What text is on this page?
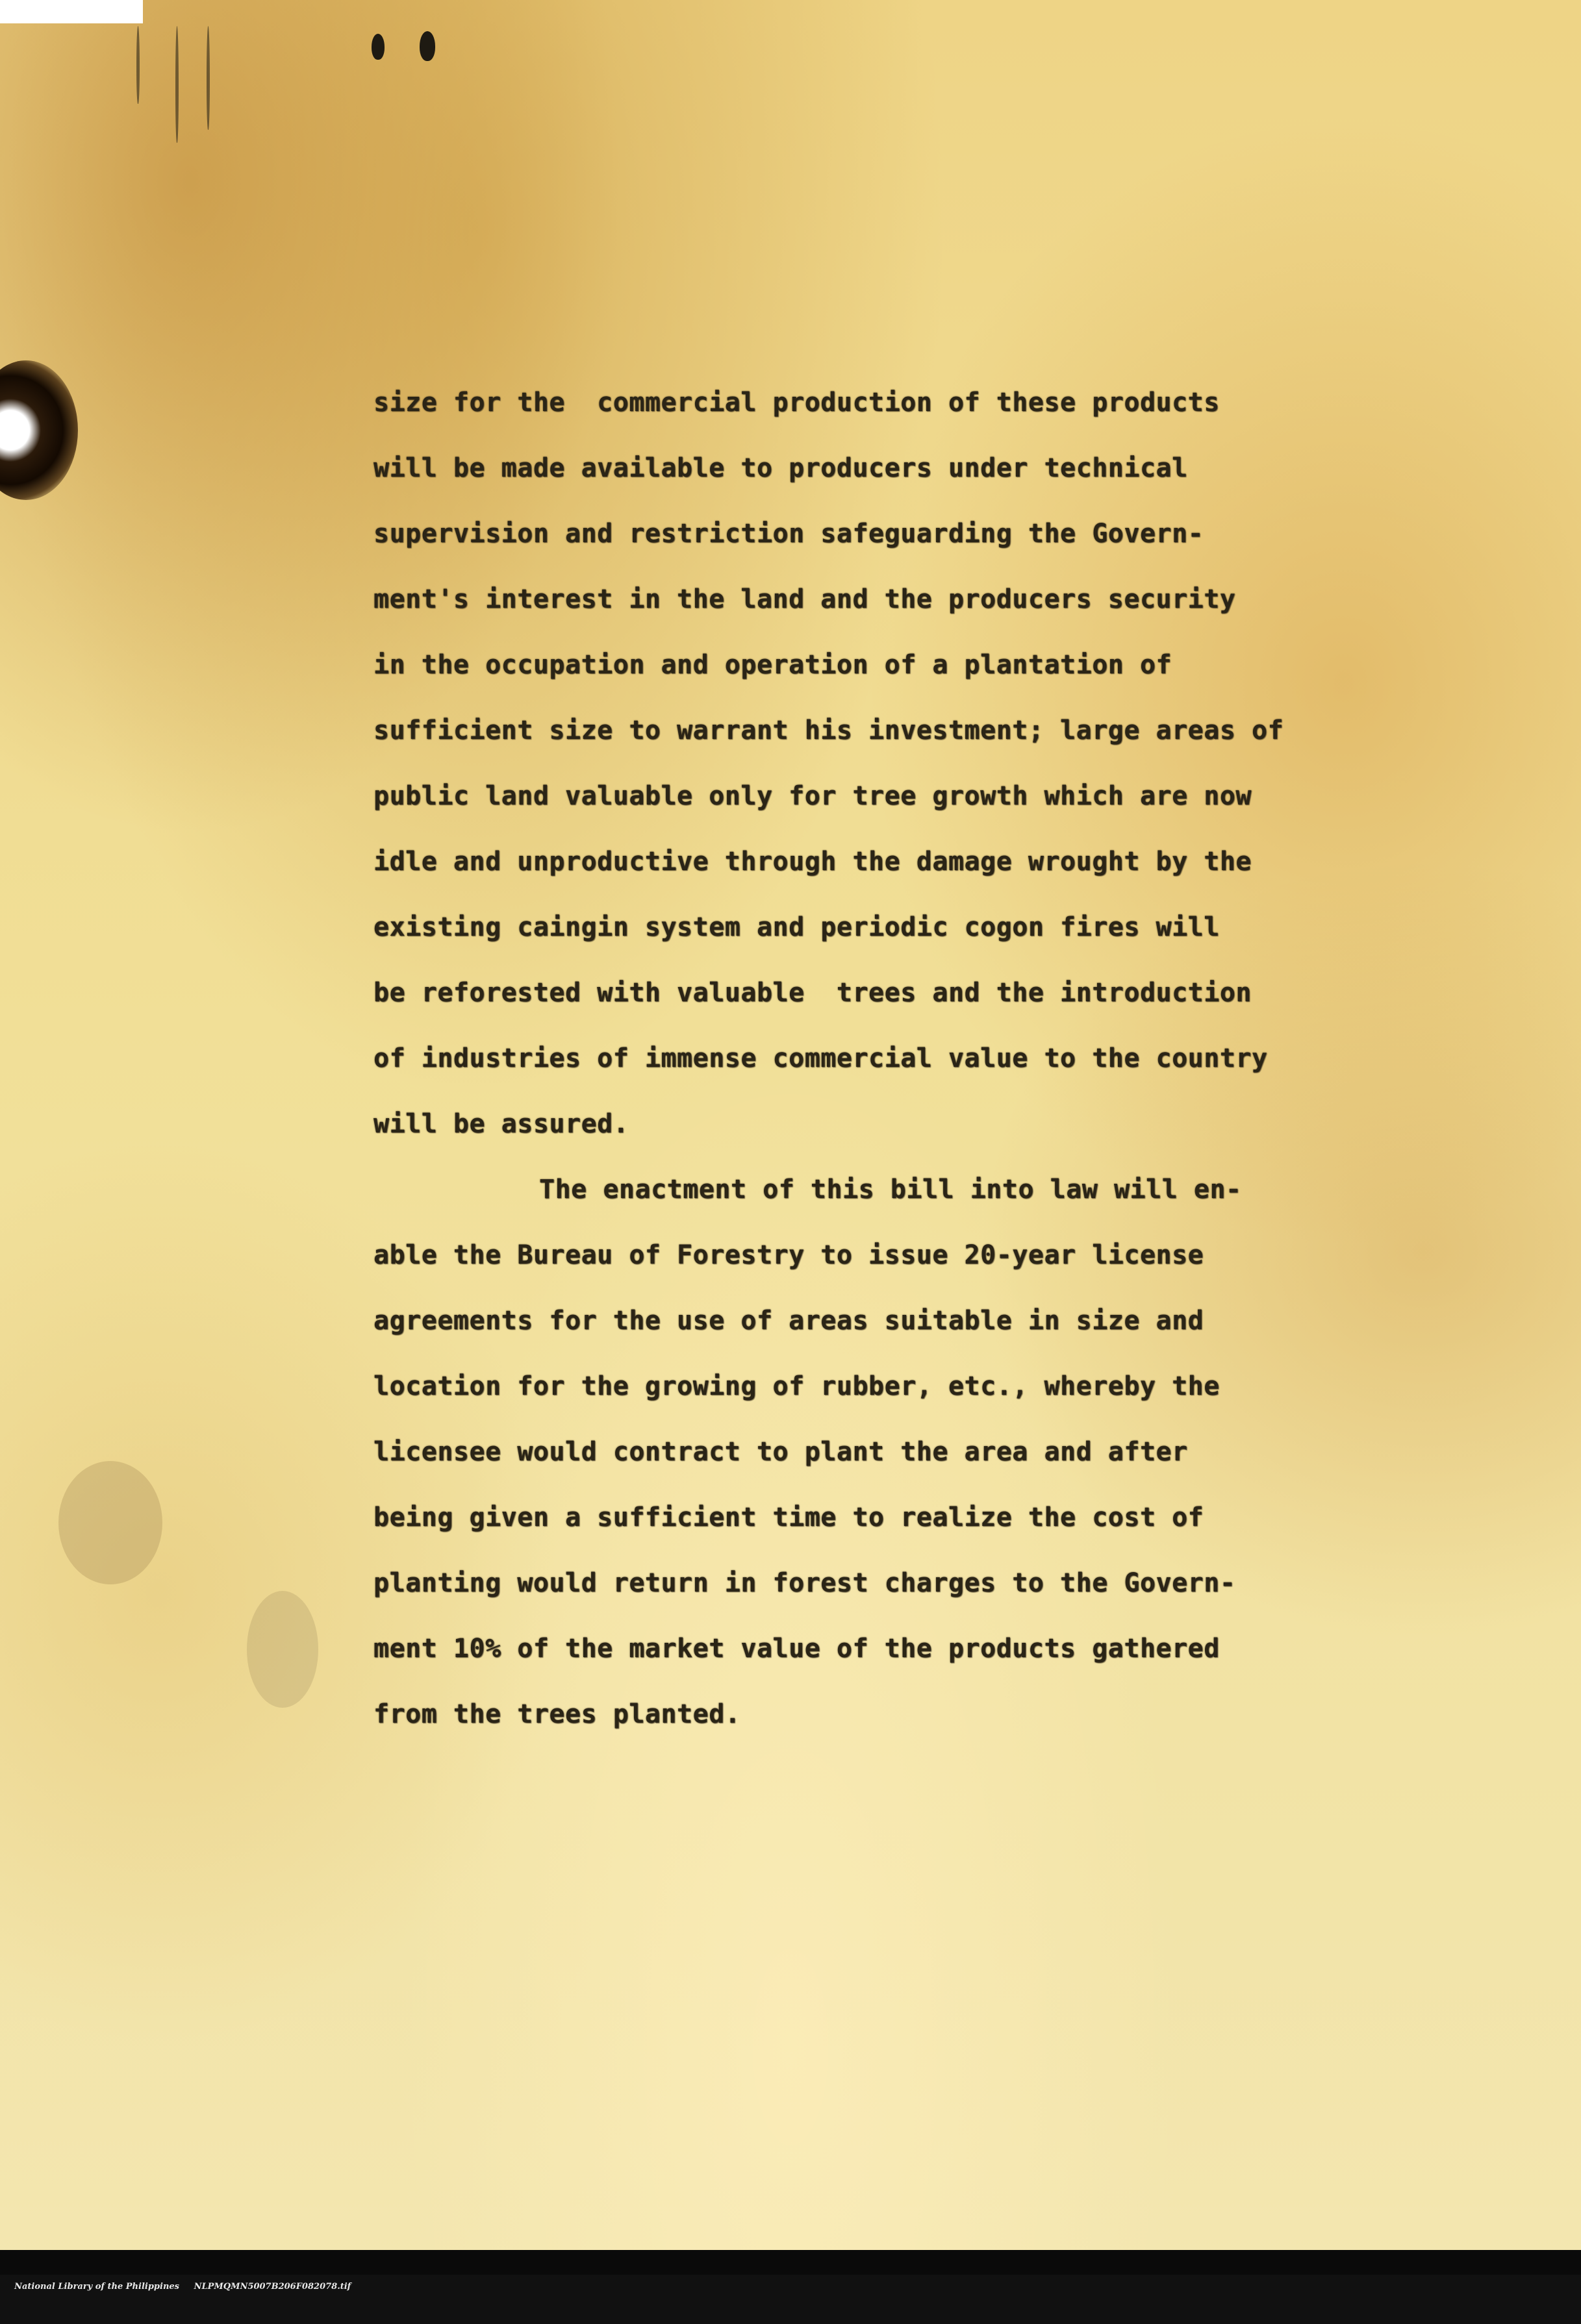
size for the  commercial production of these products
will be made available to producers under technical
supervision and restriction safeguarding the Govern-
ment's interest in the land and the producers security
in the occupation and operation of a plantation of
sufficient size to warrant his investment; large areas of
public land valuable only for tree growth which are now
idle and unproductive through the damage wrought by the
existing caingin system and periodic cogon fires will
be reforested with valuable  trees and the introduction
of industries of immense commercial value to the country
will be assured.
The enactment of this bill into law will en-
able the Bureau of Forestry to issue 20-year license
agreements for the use of areas suitable in size and
location for the growing of rubber, etc., whereby the
licensee would contract to plant the area and after
being given a sufficient time to realize the cost of
planting would return in forest charges to the Govern-
ment 10% of the market value of the products gathered
from the trees planted.

National Library of the Philippines     NLPMQMN5007B206F082078.tif
